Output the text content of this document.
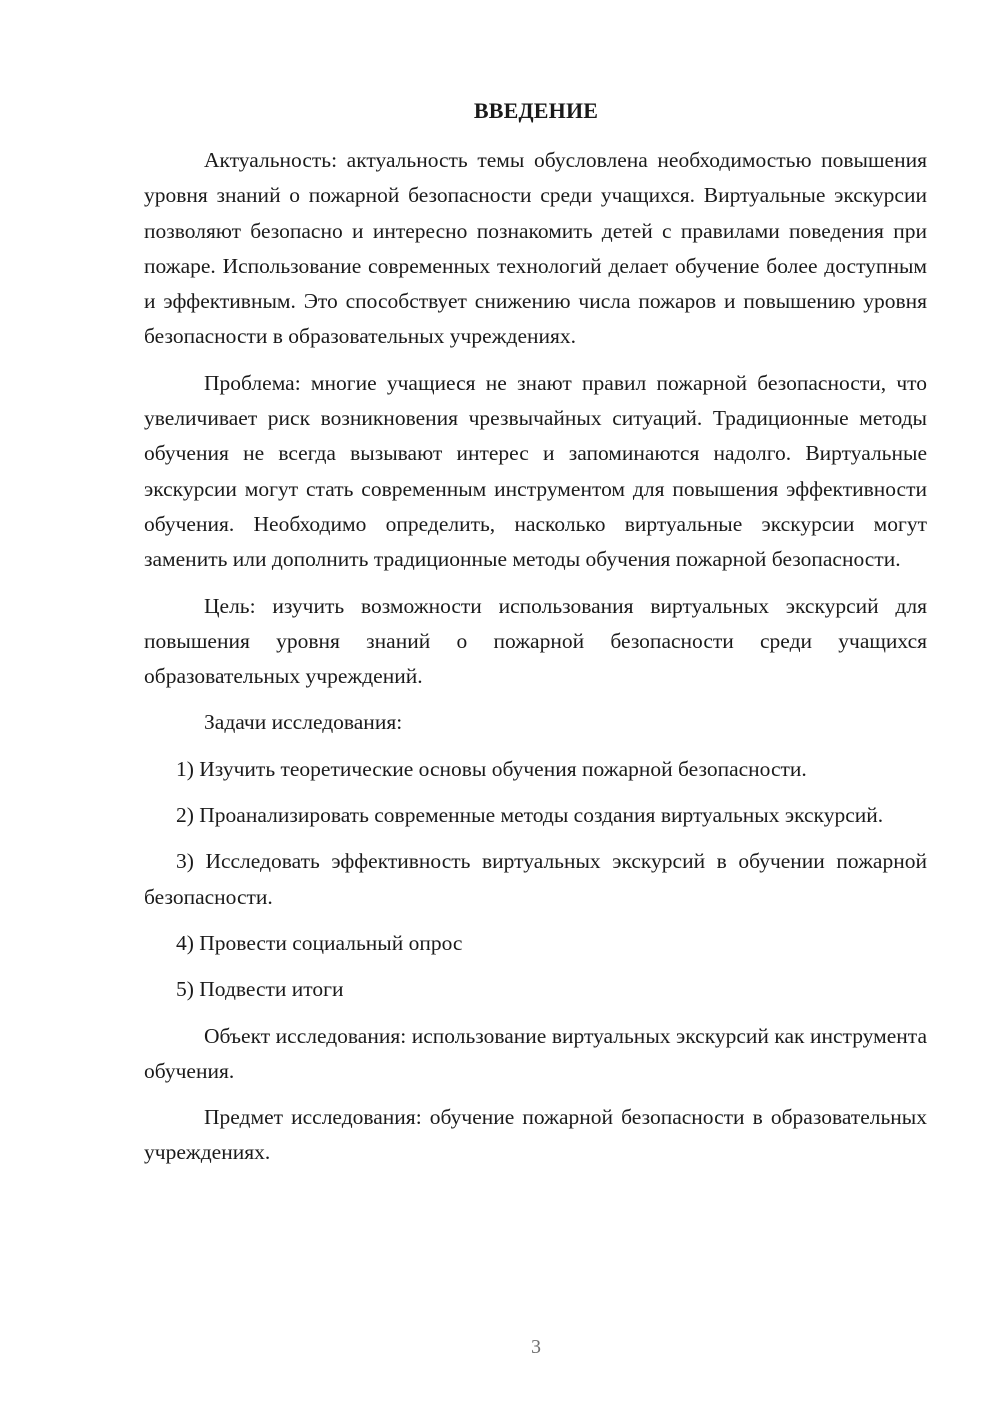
ВВЕДЕНИЕ

Актуальность: актуальность темы обусловлена необходимостью повышения уровня знаний о пожарной безопасности среди учащихся. Виртуальные экскурсии позволяют безопасно и интересно познакомить детей с правилами поведения при пожаре. Использование современных технологий делает обучение более доступным и эффективным. Это способствует снижению числа пожаров и повышению уровня безопасности в образовательных учреждениях.

Проблема: многие учащиеся не знают правил пожарной безопасности, что увеличивает риск возникновения чрезвычайных ситуаций. Традиционные методы обучения не всегда вызывают интерес и запоминаются надолго. Виртуальные экскурсии могут стать современным инструментом для повышения эффективности обучения. Необходимо определить, насколько виртуальные экскурсии могут заменить или дополнить традиционные методы обучения пожарной безопасности.

Цель: изучить возможности использования виртуальных экскурсий для повышения уровня знаний о пожарной безопасности среди учащихся образовательных учреждений.

Задачи исследования:

1) Изучить теоретические основы обучения пожарной безопасности.

2) Проанализировать современные методы создания виртуальных экскурсий.

3) Исследовать эффективность виртуальных экскурсий в обучении пожарной безопасности.

4) Провести социальный опрос

5) Подвести итоги

Объект исследования: использование виртуальных экскурсий как инструмента обучения.

Предмет исследования: обучение пожарной безопасности в образовательных учреждениях.

3
